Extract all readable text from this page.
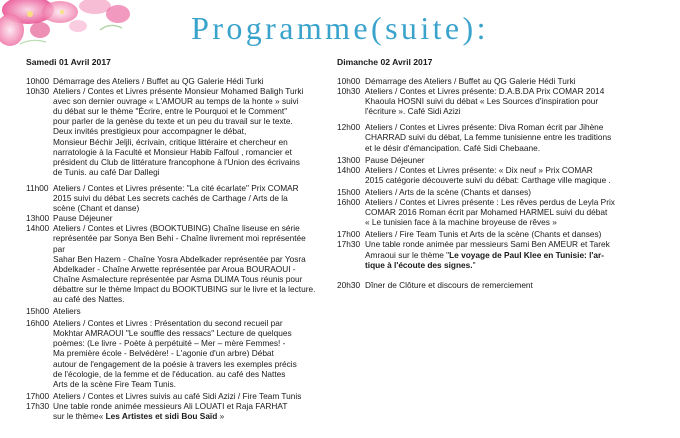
Programme(suite):
Samedi 01 Avril 2017	Dimanche 02 Avril 2017
10h00 Démarrage des Ateliers / Buffet au QG Galerie Hédi Turki
10h30 Ateliers / Contes et Livres présente Monsieur Mohamed Baligh Turki
avec son dernier ouvrage « L'AMOUR au temps de la honte » suivi
du débat sur le thème "Écrire, entre le Pourquoi et le Comment"
pour parler de la genèse du texte et un peu du travail sur le texte.
Deux invités prestigieux pour accompagner le débat,
Monsieur Béchir Jeljli, écrivain, critique littéraire et chercheur en
narratologie à la Faculté et Monsieur Habib Falfoul , romancier et
président du Club de littérature francophone à l'Union des écrivains
de Tunis. au café Dar Dallegi
11h00 Ateliers / Contes et Livres présente: "La cité écarlate" Prix COMAR
2015 suivi du débat Les secrets cachés de Carthage / Arts de la
scène (Chant et danse)
13h00 Pause Déjeuner
14h00 Ateliers / Contes et Livres (BOOKTUBING) Chaîne liseuse en série
représentée par Sonya Ben Behi - Chaîne livrement moi représentée par
Sahar Ben Hazem - Chaîne Yosra Abdelkader représentée par Yosra
Abdelkader - Chaîne Arwette représentée par Aroua BOURAOUI -
Chaîne Asmalecture représentée par Asma DLIMA Tous réunis pour
débattre sur le thème Impact du BOOKTUBING sur le livre et la lecture.
au café des Nattes.
15h00 Ateliers
16h00 Ateliers / Contes et Livres : Présentation du second recueil par
Mokhtar AMRAOUI "Le souffle des ressacs" Lecture de quelques
poèmes: (Le livre - Poète à perpétuité – Mer – mère Femmes! -
Ma première école - Belvédère! - L'agonie d'un arbre) Débat
autour de l'engagement de la poésie à travers les exemples précis
de l'écologie, de la femme et de l'éducation. au café des Nattes
Arts de la scène Fire Team Tunis.
17h00 Ateliers / Contes et Livres suivis au café Sidi Azizi / Fire Team Tunis
17h30 Une table ronde animée messieurs Ali LOUATI et Raja FARHAT
sur le thème« Les Artistes et sidi Bou Saïd »
10h00 Démarrage des Ateliers / Buffet au QG Galerie Hédi Turki
10h30 Ateliers / Contes et Livres présente: D.A.B.DA Prix COMAR 2014
Khaoula HOSNI suivi du débat « Les Sources d'inspiration pour
l'écriture ». Café Sidi Azizi
12h00 Ateliers / Contes et Livres présente: Diva Roman écrit par Jihène
CHARRAD suivi du débat, La femme tunisienne entre les traditions
et le désir d'émancipation. Café Sidi Chebaane.
13h00 Pause Déjeuner
14h00 Ateliers / Contes et Livres présente: « Dix neuf » Prix COMAR
2015 catégorie découverte suivi du débat: Carthage ville magique .
15h00 Ateliers / Arts de la scène (Chants et danses)
16h00 Ateliers / Contes et Livres présente : Les rêves perdus de Leyla Prix
COMAR 2016 Roman écrit par Mohamed HARMEL suivi du débat
« Le tunisien face à la machine broyeuse de rêves »
17h00 Ateliers / Fire Team Tunis et Arts de la scène (Chants et danses)
17h30 Une table ronde animée par messieurs Sami Ben AMEUR et Tarek
Amraoui sur le thème "Le voyage de Paul Klee en Tunisie: l'ar-
tique à l'écoute des signes."
20h30 Dîner de Clôture et discours de remerciement
